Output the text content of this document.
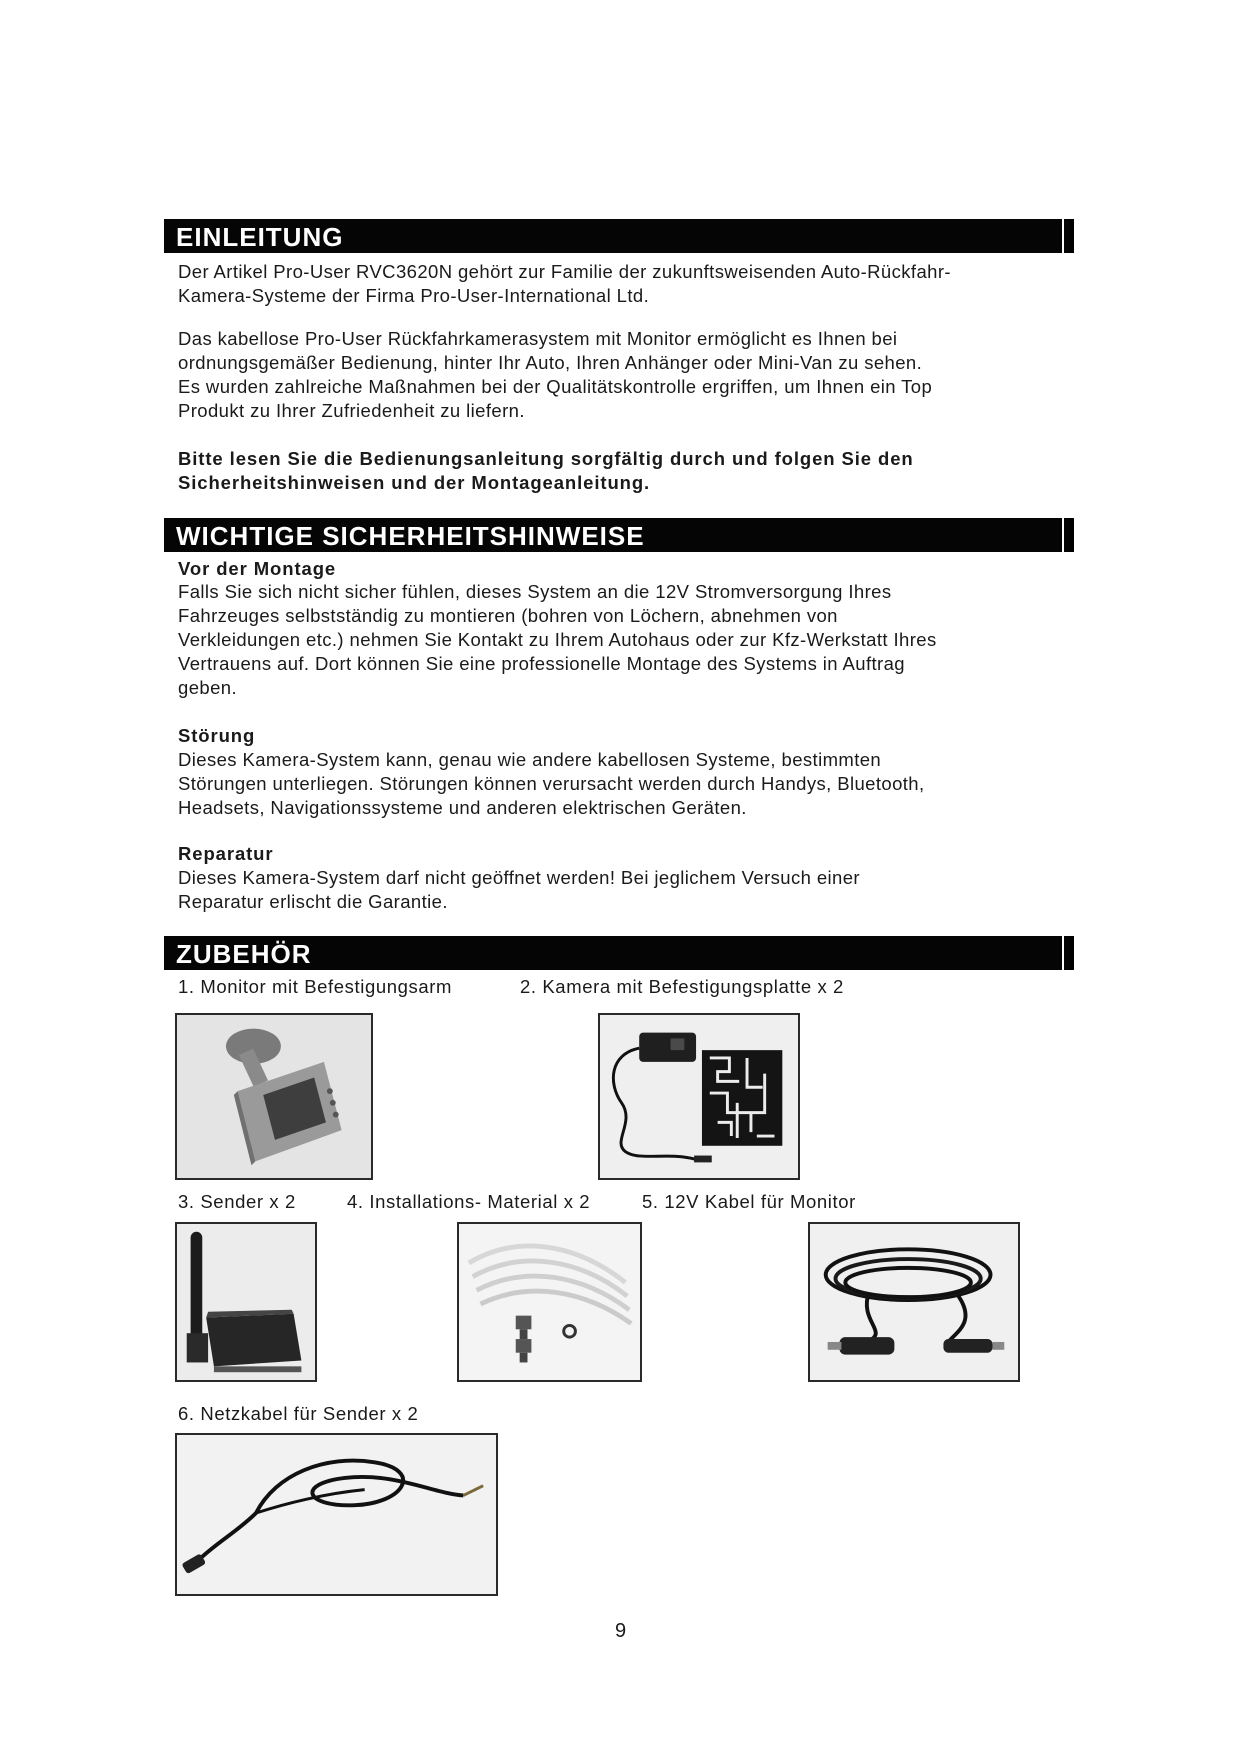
EINLEITUNG
Der Artikel Pro-User RVC3620N gehört zur Familie der zukunftsweisenden Auto-Rückfahr-
Kamera-Systeme der Firma Pro-User-International Ltd.
Das kabellose Pro-User Rückfahrkamerasystem mit Monitor ermöglicht es Ihnen bei
ordnungsgemäßer Bedienung, hinter Ihr Auto, Ihren Anhänger oder Mini-Van zu sehen.
Es wurden zahlreiche Maßnahmen bei der Qualitätskontrolle ergriffen, um Ihnen ein Top
Produkt zu Ihrer Zufriedenheit zu liefern.
Bitte lesen Sie die Bedienungsanleitung sorgfältig durch und folgen Sie den
Sicherheitshinweisen und der Montageanleitung.
WICHTIGE SICHERHEITSHINWEISE
Vor der Montage
Falls Sie sich nicht sicher fühlen, dieses System an die 12V Stromversorgung Ihres
Fahrzeuges selbstständig zu montieren (bohren von Löchern, abnehmen von
Verkleidungen etc.) nehmen Sie Kontakt zu Ihrem Autohaus oder zur Kfz-Werkstatt Ihres
Vertrauens auf. Dort können Sie eine professionelle Montage des Systems in Auftrag
geben.
Störung
Dieses Kamera-System kann, genau wie andere kabellosen Systeme, bestimmten
Störungen unterliegen. Störungen können verursacht werden durch Handys, Bluetooth,
Headsets, Navigationssysteme und anderen elektrischen Geräten.
Reparatur
Dieses Kamera-System darf nicht geöffnet werden! Bei jeglichem Versuch einer
Reparatur erlischt die Garantie.
ZUBEHÖR
1. Monitor mit Befestigungsarm	2. Kamera mit Befestigungsplatte x 2
3. Sender x 2	4. Installations- Material x 2	5. 12V Kabel für Monitor
6. Netzkabel für Sender x 2
9
